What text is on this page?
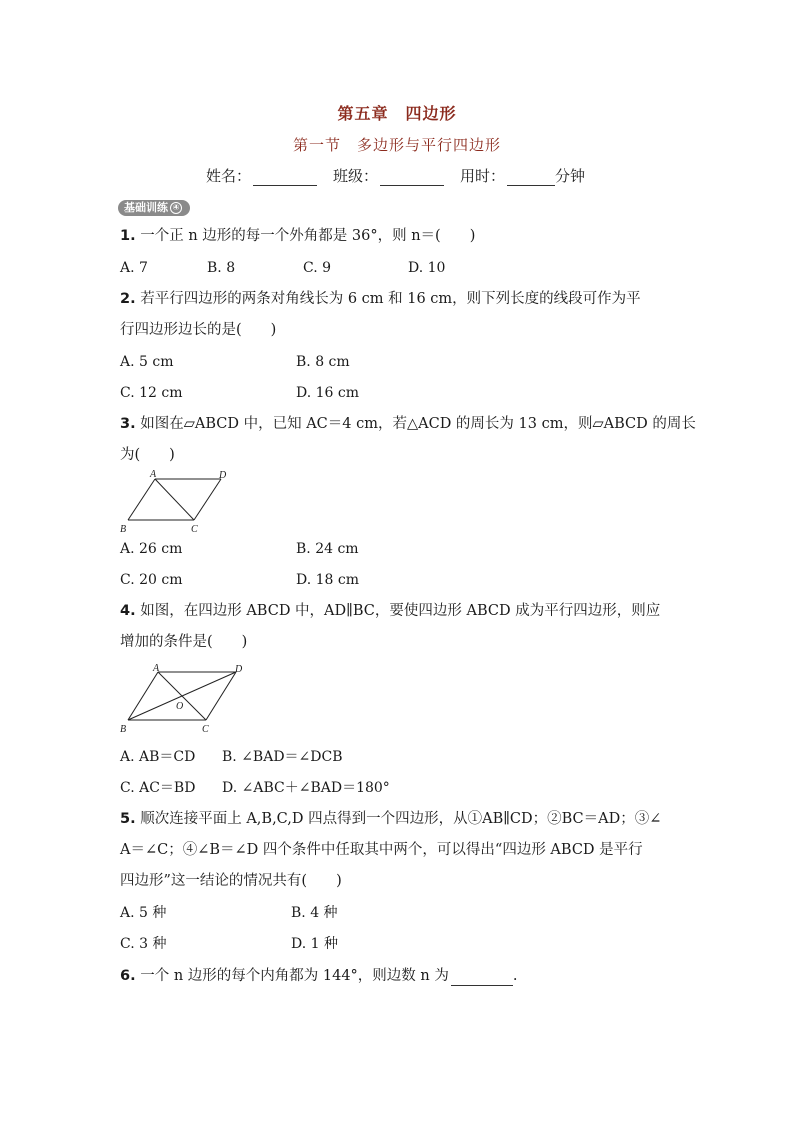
第五章　四边形
第一节　多边形与平行四边形
姓名：	班级：	用时：	分钟
基础训练 ④
1. 一个正 n 边形的每一个外角都是 36°，则 n＝(　　)
A. 7	B. 8	C. 9	D. 10
2. 若平行四边形的两条对角线长为 6 cm 和 16 cm，则下列长度的线段可作为平
行四边形边长的是(　　)
A. 5 cm	B. 8 cm
C. 12 cm	D. 16 cm
3. 如图在▱ABCD 中，已知 AC＝4 cm，若△ACD 的周长为 13 cm，则▱ABCD 的周长
为(　　)
A	D
B	C
A. 26 cm	B. 24 cm
C. 20 cm	D. 18 cm
4. 如图，在四边形 ABCD 中，AD∥BC，要使四边形 ABCD 成为平行四边形，则应
增加的条件是(　　)
A	D
B	C
O
A. AB＝CD B. ∠BAD＝∠DCB
C. AC＝BD D. ∠ABC＋∠BAD＝180°
5. 顺次连接平面上 A,B,C,D 四点得到一个四边形，从①AB∥CD；②BC＝AD；③∠
A＝∠C；④∠B＝∠D 四个条件中任取其中两个，可以得出“四边形 ABCD 是平行
四边形”这一结论的情况共有(　　)
A. 5 种	B. 4 种
C. 3 种	D. 1 种
6. 一个 n 边形的每个内角都为 144°，则边数 n 为	.
